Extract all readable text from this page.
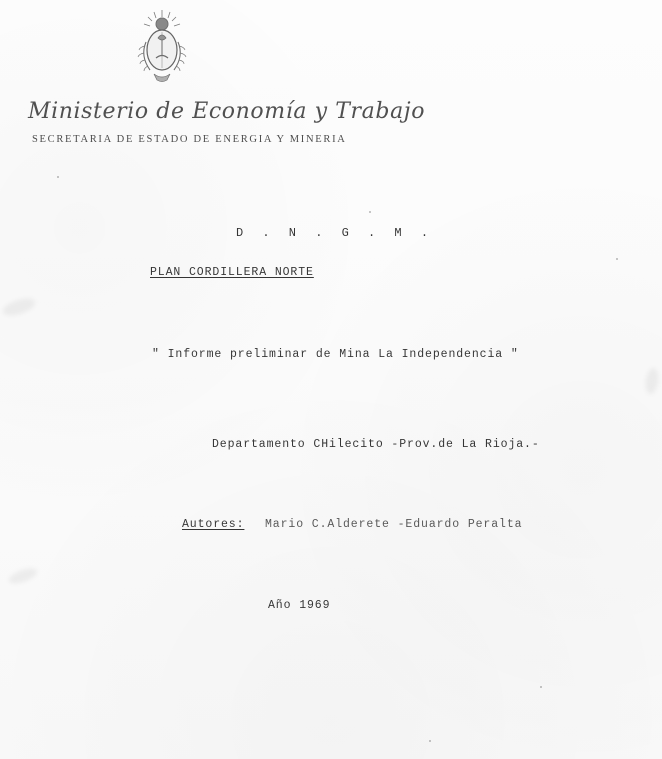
Ministerio de Economía y Trabajo
SECRETARIA DE ESTADO DE ENERGIA Y MINERIA
D . N . G . M .
PLAN CORDILLERA NORTE
" Informe preliminar de Mina La Independencia "
Departamento CHilecito -Prov.de La Rioja.-
Autores: Mario C.Alderete -Eduardo Peralta
Año 1969
